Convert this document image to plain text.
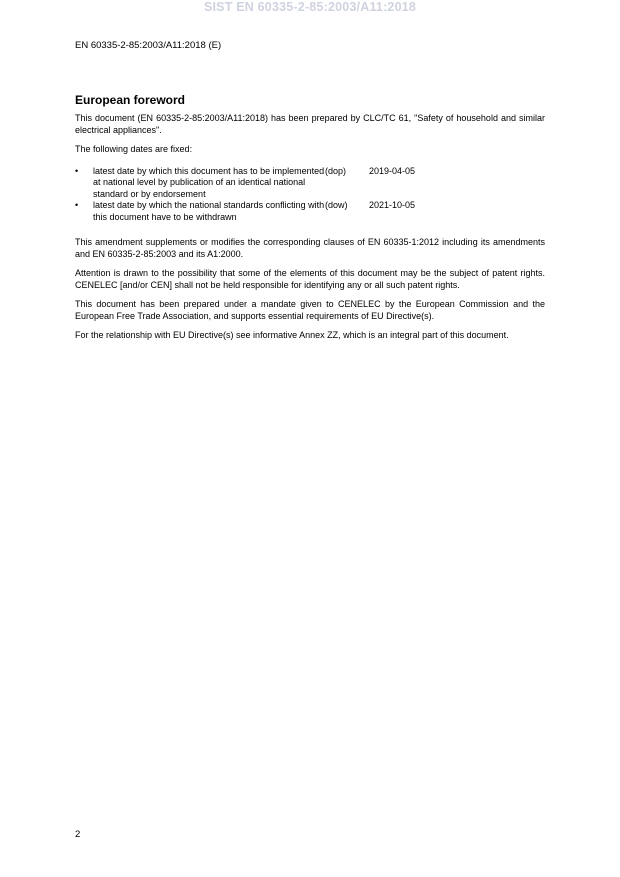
SIST EN 60335-2-85:2003/A11:2018
EN 60335-2-85:2003/A11:2018 (E)
European foreword

This document (EN 60335-2-85:2003/A11:2018) has been prepared by CLC/TC 61, "Safety of household and similar electrical appliances".

The following dates are fixed:

•	latest date by which this document has to be implemented at national level by publication of an identical national standard or by endorsement
(dop)	2019-04-05
•	latest date by which the national standards conflicting with this document have to be withdrawn
(dow)	2021-10-05

This amendment supplements or modifies the corresponding clauses of EN 60335-1:2012 including its amendments and EN 60335-2-85:2003 and its A1:2000.

Attention is drawn to the possibility that some of the elements of this document may be the subject of patent rights. CENELEC [and/or CEN] shall not be held responsible for identifying any or all such patent rights.

This document has been prepared under a mandate given to CENELEC by the European Commission and the European Free Trade Association, and supports essential requirements of EU Directive(s).

For the relationship with EU Directive(s) see informative Annex ZZ, which is an integral part of this document.

2
